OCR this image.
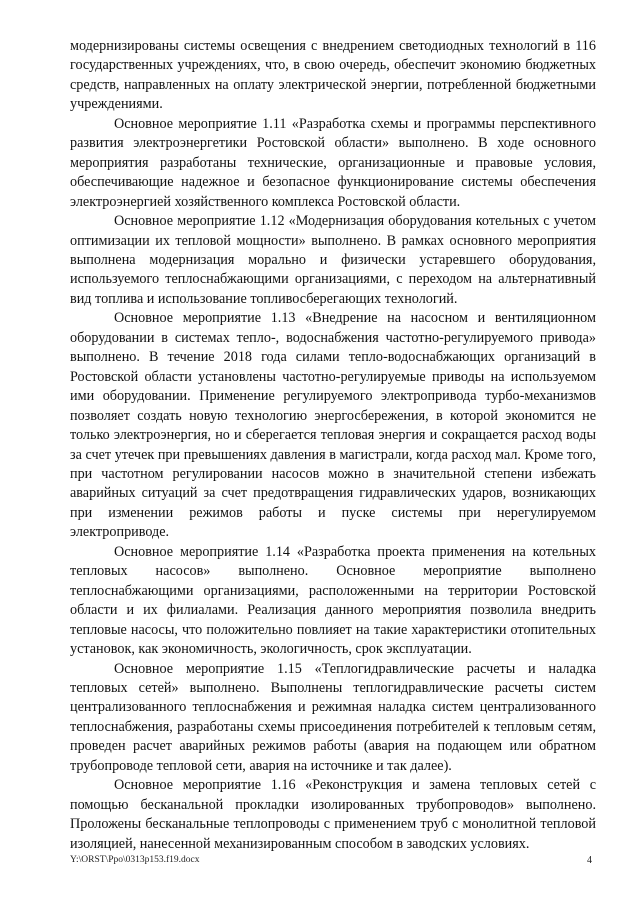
модернизированы системы освещения с внедрением светодиодных технологий в 116 государственных учреждениях, что, в свою очередь, обеспечит экономию бюджетных средств, направленных на оплату электрической энергии, потребленной бюджетными учреждениями.

Основное мероприятие 1.11 «Разработка схемы и программы перспективного развития электроэнергетики Ростовской области» выполнено. В ходе основного мероприятия разработаны технические, организационные и правовые условия, обеспечивающие надежное и безопасное функционирование системы обеспечения электроэнергией хозяйственного комплекса Ростовской области.

Основное мероприятие 1.12 «Модернизация оборудования котельных с учетом оптимизации их тепловой мощности» выполнено. В рамках основного мероприятия выполнена модернизация морально и физически устаревшего оборудования, используемого теплоснабжающими организациями, с переходом на альтернативный вид топлива и использование топливосберегающих технологий.

Основное мероприятие 1.13 «Внедрение на насосном и вентиляционном оборудовании в системах тепло-, водоснабжения частотно-регулируемого привода» выполнено. В течение 2018 года силами тепло-водоснабжающих организаций в Ростовской области установлены частотно-регулируемые приводы на используемом ими оборудовании. Применение регулируемого электропривода турбо-механизмов позволяет создать новую технологию энергосбережения, в которой экономится не только электроэнергия, но и сберегается тепловая энергия и сокращается расход воды за счет утечек при превышениях давления в магистрали, когда расход мал. Кроме того, при частотном регулировании насосов можно в значительной степени избежать аварийных ситуаций за счет предотвращения гидравлических ударов, возникающих при изменении режимов работы и пуске системы при нерегулируемом электроприводе.

Основное мероприятие 1.14 «Разработка проекта применения на котельных тепловых насосов» выполнено. Основное мероприятие выполнено теплоснабжающими организациями, расположенными на территории Ростовской области и их филиалами. Реализация данного мероприятия позволила внедрить тепловые насосы, что положительно повлияет на такие характеристики отопительных установок, как экономичность, экологичность, срок эксплуатации.

Основное мероприятие 1.15 «Теплогидравлические расчеты и наладка тепловых сетей» выполнено. Выполнены теплогидравлические расчеты систем централизованного теплоснабжения и режимная наладка систем централизованного теплоснабжения, разработаны схемы присоединения потребителей к тепловым сетям, проведен расчет аварийных режимов работы (авария на подающем или обратном трубопроводе тепловой сети, авария на источнике и так далее).

Основное мероприятие 1.16 «Реконструкция и замена тепловых сетей с помощью бесканальной прокладки изолированных трубопроводов» выполнено. Проложены бесканальные теплопроводы с применением труб с монолитной тепловой изоляцией, нанесенной механизированным способом в заводских условиях.

Y:\ORST\Ppo\0313p153.f19.docx	4
